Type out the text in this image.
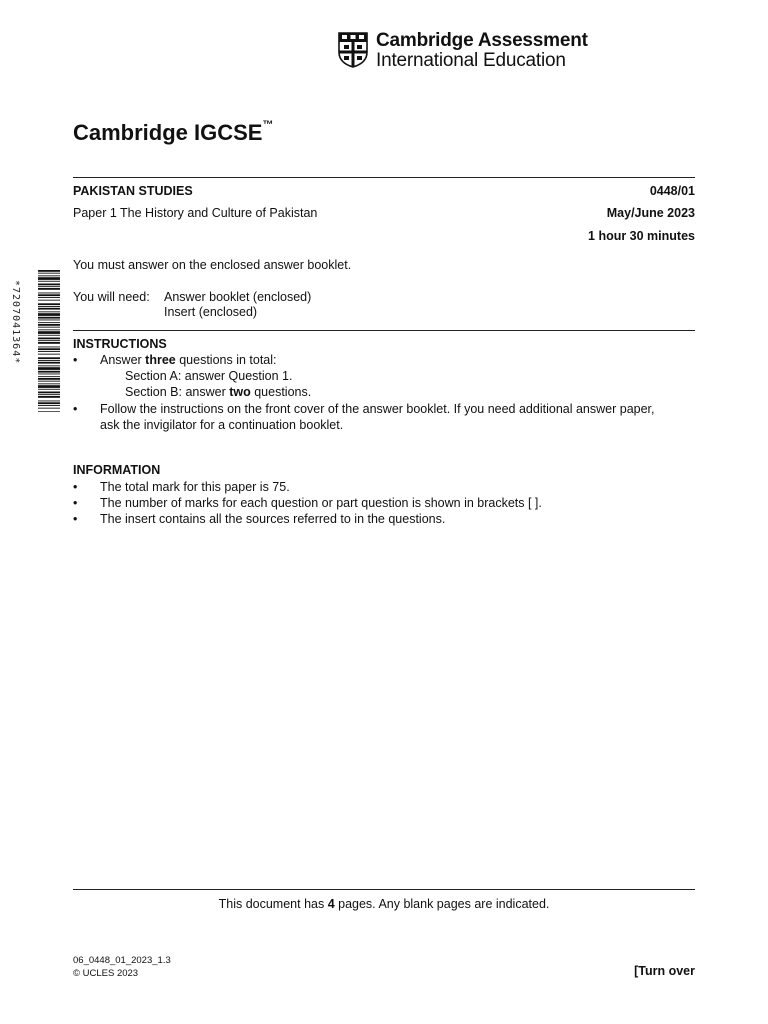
Cambridge Assessment
International Education
Cambridge IGCSE™
PAKISTAN STUDIES	0448/01
Paper 1 The History and Culture of Pakistan	May/June 2023
1 hour 30 minutes
You must answer on the enclosed answer booklet.
You will need: Answer booklet (enclosed)
Insert (enclosed)
INSTRUCTIONS
• Answer three questions in total:
Section A: answer Question 1.
Section B: answer two questions.
• Follow the instructions on the front cover of the answer booklet. If you need additional answer paper,
ask the invigilator for a continuation booklet.
INFORMATION
• The total mark for this paper is 75.
• The number of marks for each question or part question is shown in brackets [ ].
• The insert contains all the sources referred to in the questions.
This document has 4 pages. Any blank pages are indicated.
06_0448_01_2023_1.3
© UCLES 2023	[Turn over
*7207041364*
